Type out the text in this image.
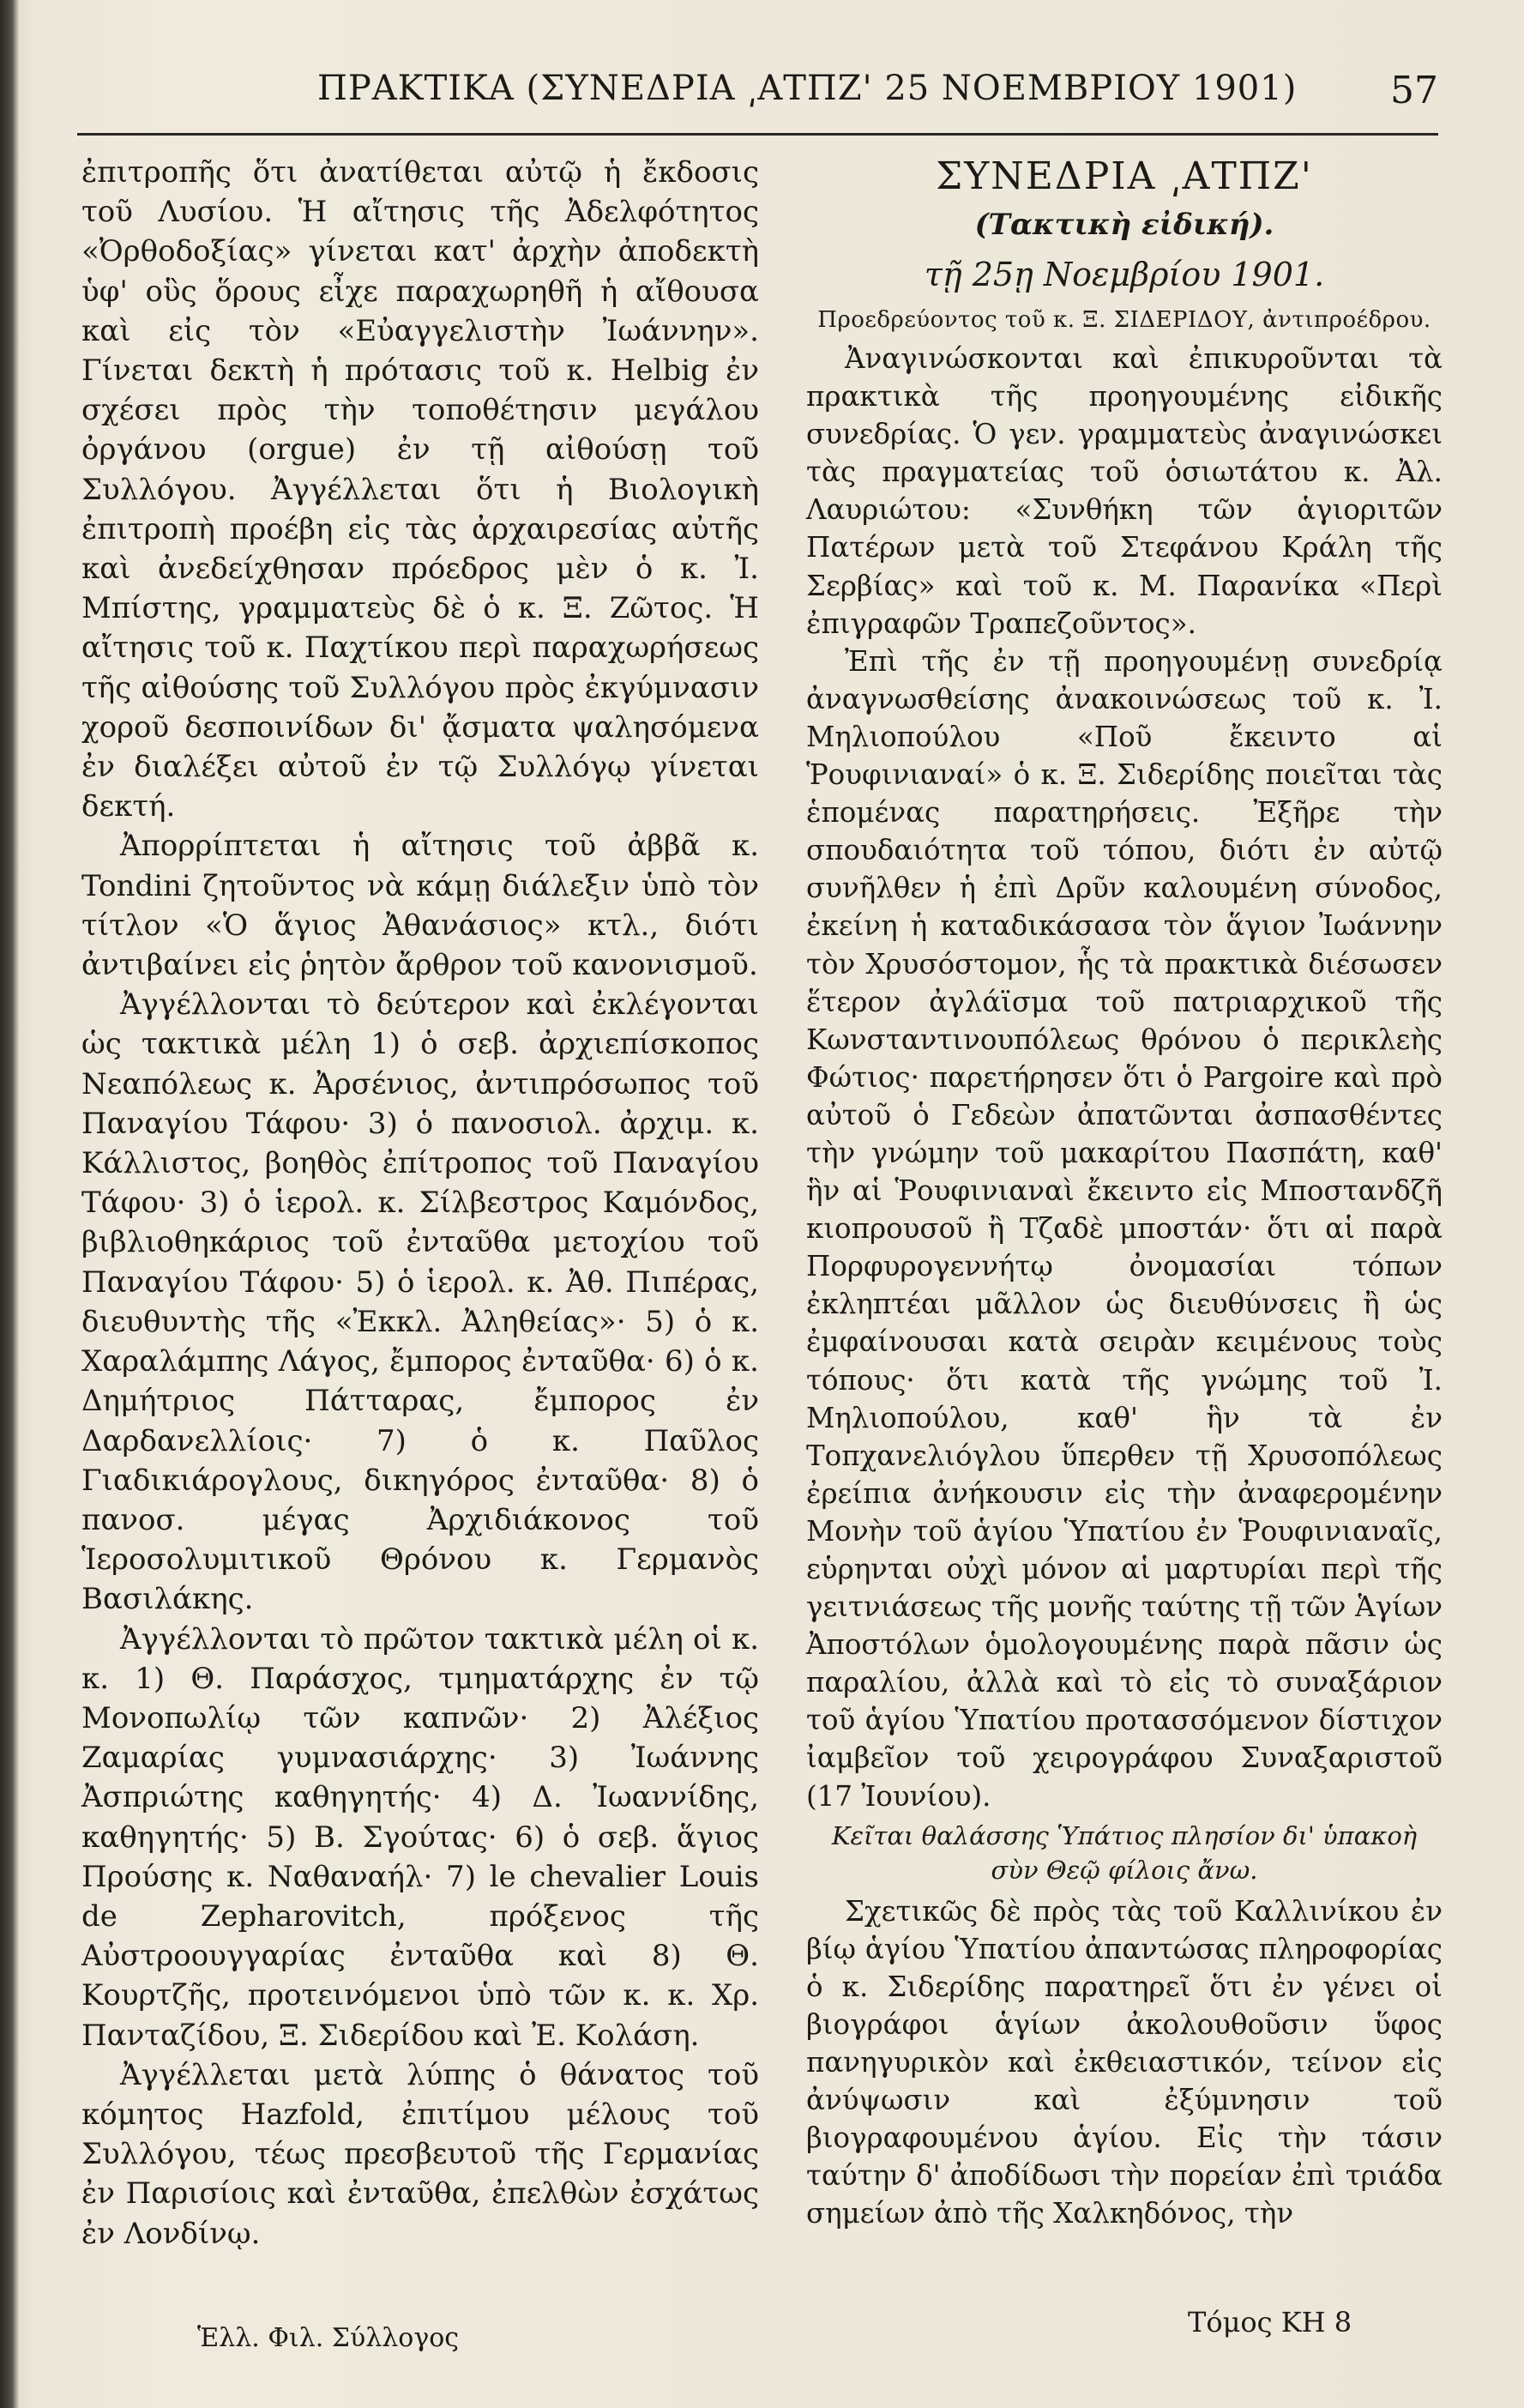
ΠΡΑΚΤΙΚΑ (ΣΥΝΕΔΡΙΑ ͵ΑΤΠΖ' 25 ΝΟΕΜΒΡΙΟΥ 1901) 57

ἐπιτροπῆς ὅτι ἀνατίθεται αὐτῷ ἡ ἔκδοσις τοῦ Λυσίου. Ἡ αἴτησις τῆς Ἀδελφότητος «Ὀρθοδοξίας» γίνεται κατ' ἀρχὴν ἀποδεκτὴ ὑφ' οὓς ὅρους εἶχε παραχωρηθῆ ἡ αἴθουσα καὶ εἰς τὸν «Εὐαγγελιστὴν Ἰωάννην». Γίνεται δεκτὴ ἡ πρότασις τοῦ κ. Helbig ἐν σχέσει πρὸς τὴν τοποθέτησιν μεγάλου ὀργάνου (orgue) ἐν τῇ αἰθούσῃ τοῦ Συλλόγου. Ἀγγέλλεται ὅτι ἡ Βιολογικὴ ἐπιτροπὴ προέβη εἰς τὰς ἀρχαιρεσίας αὐτῆς καὶ ἀνεδείχθησαν πρόεδρος μὲν ὁ κ. Ἰ. Μπίστης, γραμματεὺς δὲ ὁ κ. Ξ. Ζῶτος. Ἡ αἴτησις τοῦ κ. Παχτίκου περὶ παραχωρήσεως τῆς αἰθούσης τοῦ Συλλόγου πρὸς ἐκγύμνασιν χοροῦ δεσποινίδων δι' ᾄσματα ψαλησόμενα ἐν διαλέξει αὐτοῦ ἐν τῷ Συλλόγῳ γίνεται δεκτή.

Ἀπορρίπτεται ἡ αἴτησις τοῦ ἀββᾶ κ. Tondini ζητοῦντος νὰ κάμῃ διάλεξιν ὑπὸ τὸν τίτλον «Ὁ ἅγιος Ἀθανάσιος» κτλ., διότι ἀντιβαίνει εἰς ῥητὸν ἄρθρον τοῦ κανονισμοῦ.

Ἀγγέλλονται τὸ δεύτερον καὶ ἐκλέγονται ὡς τακτικὰ μέλη 1) ὁ σεβ. ἀρχιεπίσκοπος Νεαπόλεως κ. Ἀρσένιος, ἀντιπρόσωπος τοῦ Παναγίου Τάφου· 3) ὁ πανοσιολ. ἀρχιμ. κ. Κάλλιστος, βοηθὸς ἐπίτροπος τοῦ Παναγίου Τάφου· 3) ὁ ἱερολ. κ. Σίλβεστρος Καμόνδος, βιβλιοθηκάριος τοῦ ἐνταῦθα μετοχίου τοῦ Παναγίου Τάφου· 5) ὁ ἱερολ. κ. Ἀθ. Πιπέρας, διευθυντὴς τῆς «Ἐκκλ. Ἀληθείας»· 5) ὁ κ. Χαραλάμπης Λάγος, ἔμπορος ἐνταῦθα· 6) ὁ κ. Δημήτριος Πάτταρας, ἔμπορος ἐν Δαρδανελλίοις· 7) ὁ κ. Παῦλος Γιαδικιάρογλους, δικηγόρος ἐνταῦθα· 8) ὁ πανοσ. μέγας Ἀρχιδιάκονος τοῦ Ἱεροσολυμιτικοῦ Θρόνου κ. Γερμανὸς Βασιλάκης.

Ἀγγέλλονται τὸ πρῶτον τακτικὰ μέλη οἱ κ. κ. 1) Θ. Παράσχος, τμηματάρχης ἐν τῷ Μονοπωλίῳ τῶν καπνῶν· 2) Ἀλέξιος Ζαμαρίας γυμνασιάρχης· 3) Ἰωάννης Ἀσπριώτης καθηγητής· 4) Δ. Ἰωαννίδης, καθηγητής· 5) Β. Σγούτας· 6) ὁ σεβ. ἅγιος Προύσης κ. Ναθαναήλ· 7) le chevalier Louis de Zepharovitch, πρόξενος τῆς Αὐστροουγγαρίας ἐνταῦθα καὶ 8) Θ. Κουρτζῆς, προτεινόμενοι ὑπὸ τῶν κ. κ. Χρ. Πανταζίδου, Ξ. Σιδερίδου καὶ Ἐ. Κολάση.

Ἀγγέλλεται μετὰ λύπης ὁ θάνατος τοῦ κόμητος Hazfold, ἐπιτίμου μέλους τοῦ Συλλόγου, τέως πρεσβευτοῦ τῆς Γερμανίας ἐν Παρισίοις καὶ ἐνταῦθα, ἐπελθὼν ἐσχάτως ἐν Λονδίνῳ.

ΣΥΝΕΔΡΙΑ ͵ΑΤΠΖ'

(Τακτικὴ εἰδική).

τῇ 25ῃ Νοεμβρίου 1901.

Προεδρεύοντος τοῦ κ. Ξ. ΣΙΔΕΡΙΔΟΥ, ἀντιπροέδρου.

Ἀναγινώσκονται καὶ ἐπικυροῦνται τὰ πρακτικὰ τῆς προηγουμένης εἰδικῆς συνεδρίας. Ὁ γεν. γραμματεὺς ἀναγινώσκει τὰς πραγματείας τοῦ ὁσιωτάτου κ. Ἀλ. Λαυριώτου: «Συνθήκη τῶν ἁγιοριτῶν Πατέρων μετὰ τοῦ Στεφάνου Κράλη τῆς Σερβίας» καὶ τοῦ κ. Μ. Παρανίκα «Περὶ ἐπιγραφῶν Τραπεζοῦντος».

Ἐπὶ τῆς ἐν τῇ προηγουμένῃ συνεδρίᾳ ἀναγνωσθείσης ἀνακοινώσεως τοῦ κ. Ἰ. Μηλιοπούλου «Ποῦ ἔκειντο αἱ Ῥουφινιαναί» ὁ κ. Ξ. Σιδερίδης ποιεῖται τὰς ἑπομένας παρατηρήσεις. Ἐξῆρε τὴν σπουδαιότητα τοῦ τόπου, διότι ἐν αὐτῷ συνῆλθεν ἡ ἐπὶ Δρῦν καλουμένη σύνοδος, ἐκείνη ἡ καταδικάσασα τὸν ἅγιον Ἰωάννην τὸν Χρυσόστομον, ἧς τὰ πρακτικὰ διέσωσεν ἕτερον ἀγλάϊσμα τοῦ πατριαρχικοῦ τῆς Κωνσταντινουπόλεως θρόνου ὁ περικλεὴς Φώτιος· παρετήρησεν ὅτι ὁ Pargoire καὶ πρὸ αὐτοῦ ὁ Γεδεὼν ἀπατῶνται ἀσπασθέντες τὴν γνώμην τοῦ μακαρίτου Πασπάτη, καθ' ἣν αἱ Ῥουφινιαναὶ ἔκειντο εἰς Μποστανδζῆ κιοπρουσοῦ ἢ Τζαδὲ μποστάν· ὅτι αἱ παρὰ Πορφυρογεννήτῳ ὀνομασίαι τόπων ἐκληπτέαι μᾶλλον ὡς διευθύνσεις ἢ ὡς ἐμφαίνουσαι κατὰ σειρὰν κειμένους τοὺς τόπους· ὅτι κατὰ τῆς γνώμης τοῦ Ἰ. Μηλιοπούλου, καθ' ἣν τὰ ἐν Τοπχανελιόγλου ὕπερθεν τῇ Χρυσοπόλεως ἐρείπια ἀνήκουσιν εἰς τὴν ἀναφερομένην Μονὴν τοῦ ἁγίου Ὑπατίου ἐν Ῥουφινιαναῖς, εὑρηνται οὐχὶ μόνον αἱ μαρτυρίαι περὶ τῆς γειτνιάσεως τῆς μονῆς ταύτης τῇ τῶν Ἁγίων Ἀποστόλων ὁμολογουμένης παρὰ πᾶσιν ὡς παραλίου, ἀλλὰ καὶ τὸ εἰς τὸ συναξάριον τοῦ ἁγίου Ὑπατίου προτασσόμενον δίστιχον ἰαμβεῖον τοῦ χειρογράφου Συναξαριστοῦ (17 Ἰουνίου).

Κεῖται θαλάσσης Ὑπάτιος πλησίον δι' ὑπακοὴ σὺν Θεῷ φίλοις ἄνω.

Σχετικῶς δὲ πρὸς τὰς τοῦ Καλλινίκου ἐν βίῳ ἁγίου Ὑπατίου ἀπαντώσας πληροφορίας ὁ κ. Σιδερίδης παρατηρεῖ ὅτι ἐν γένει οἱ βιογράφοι ἁγίων ἀκολουθοῦσιν ὕφος πανηγυρικὸν καὶ ἐκθειαστικόν, τείνον εἰς ἀνύψωσιν καὶ ἐξύμνησιν τοῦ βιογραφουμένου ἁγίου. Εἰς τὴν τάσιν ταύτην δ' ἀποδίδωσι τὴν πορείαν ἐπὶ τριάδα σημείων ἀπὸ τῆς Χαλκηδόνος, τὴν

Ἑλλ. Φιλ. Σύλλογος	Τόμος ΚΗ 8
